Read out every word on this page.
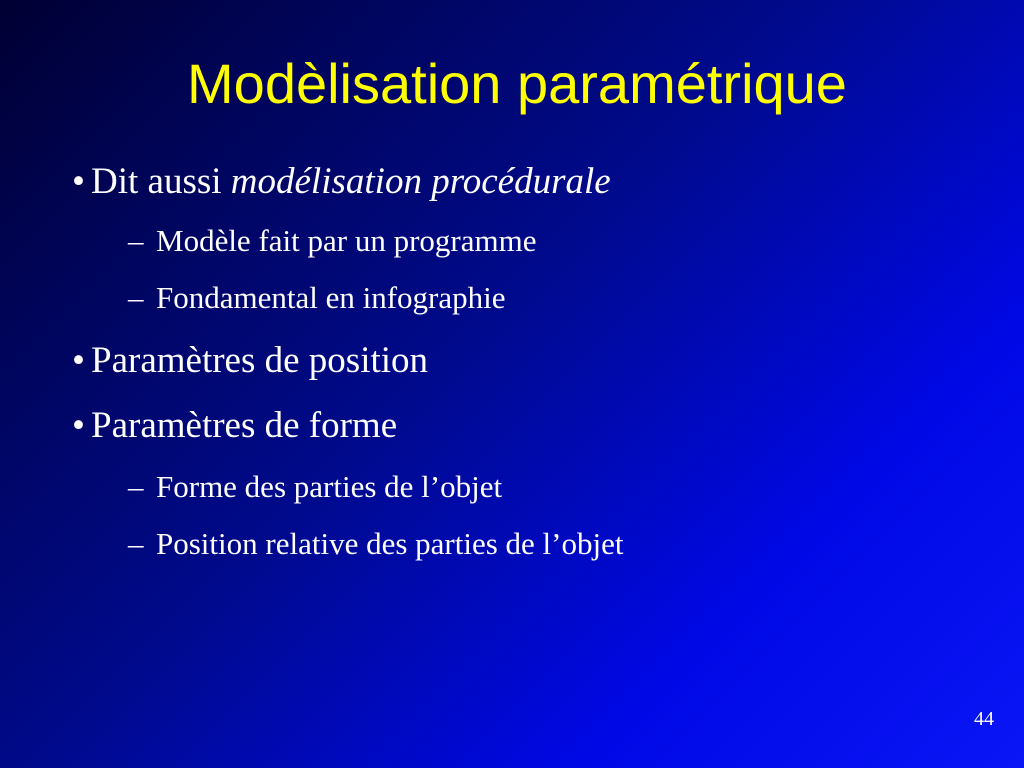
Modèlisation paramétrique
• Dit aussi modélisation procédurale
– Modèle fait par un programme
– Fondamental en infographie
• Paramètres de position
• Paramètres de forme
– Forme des parties de l’objet
– Position relative des parties de l’objet
44
